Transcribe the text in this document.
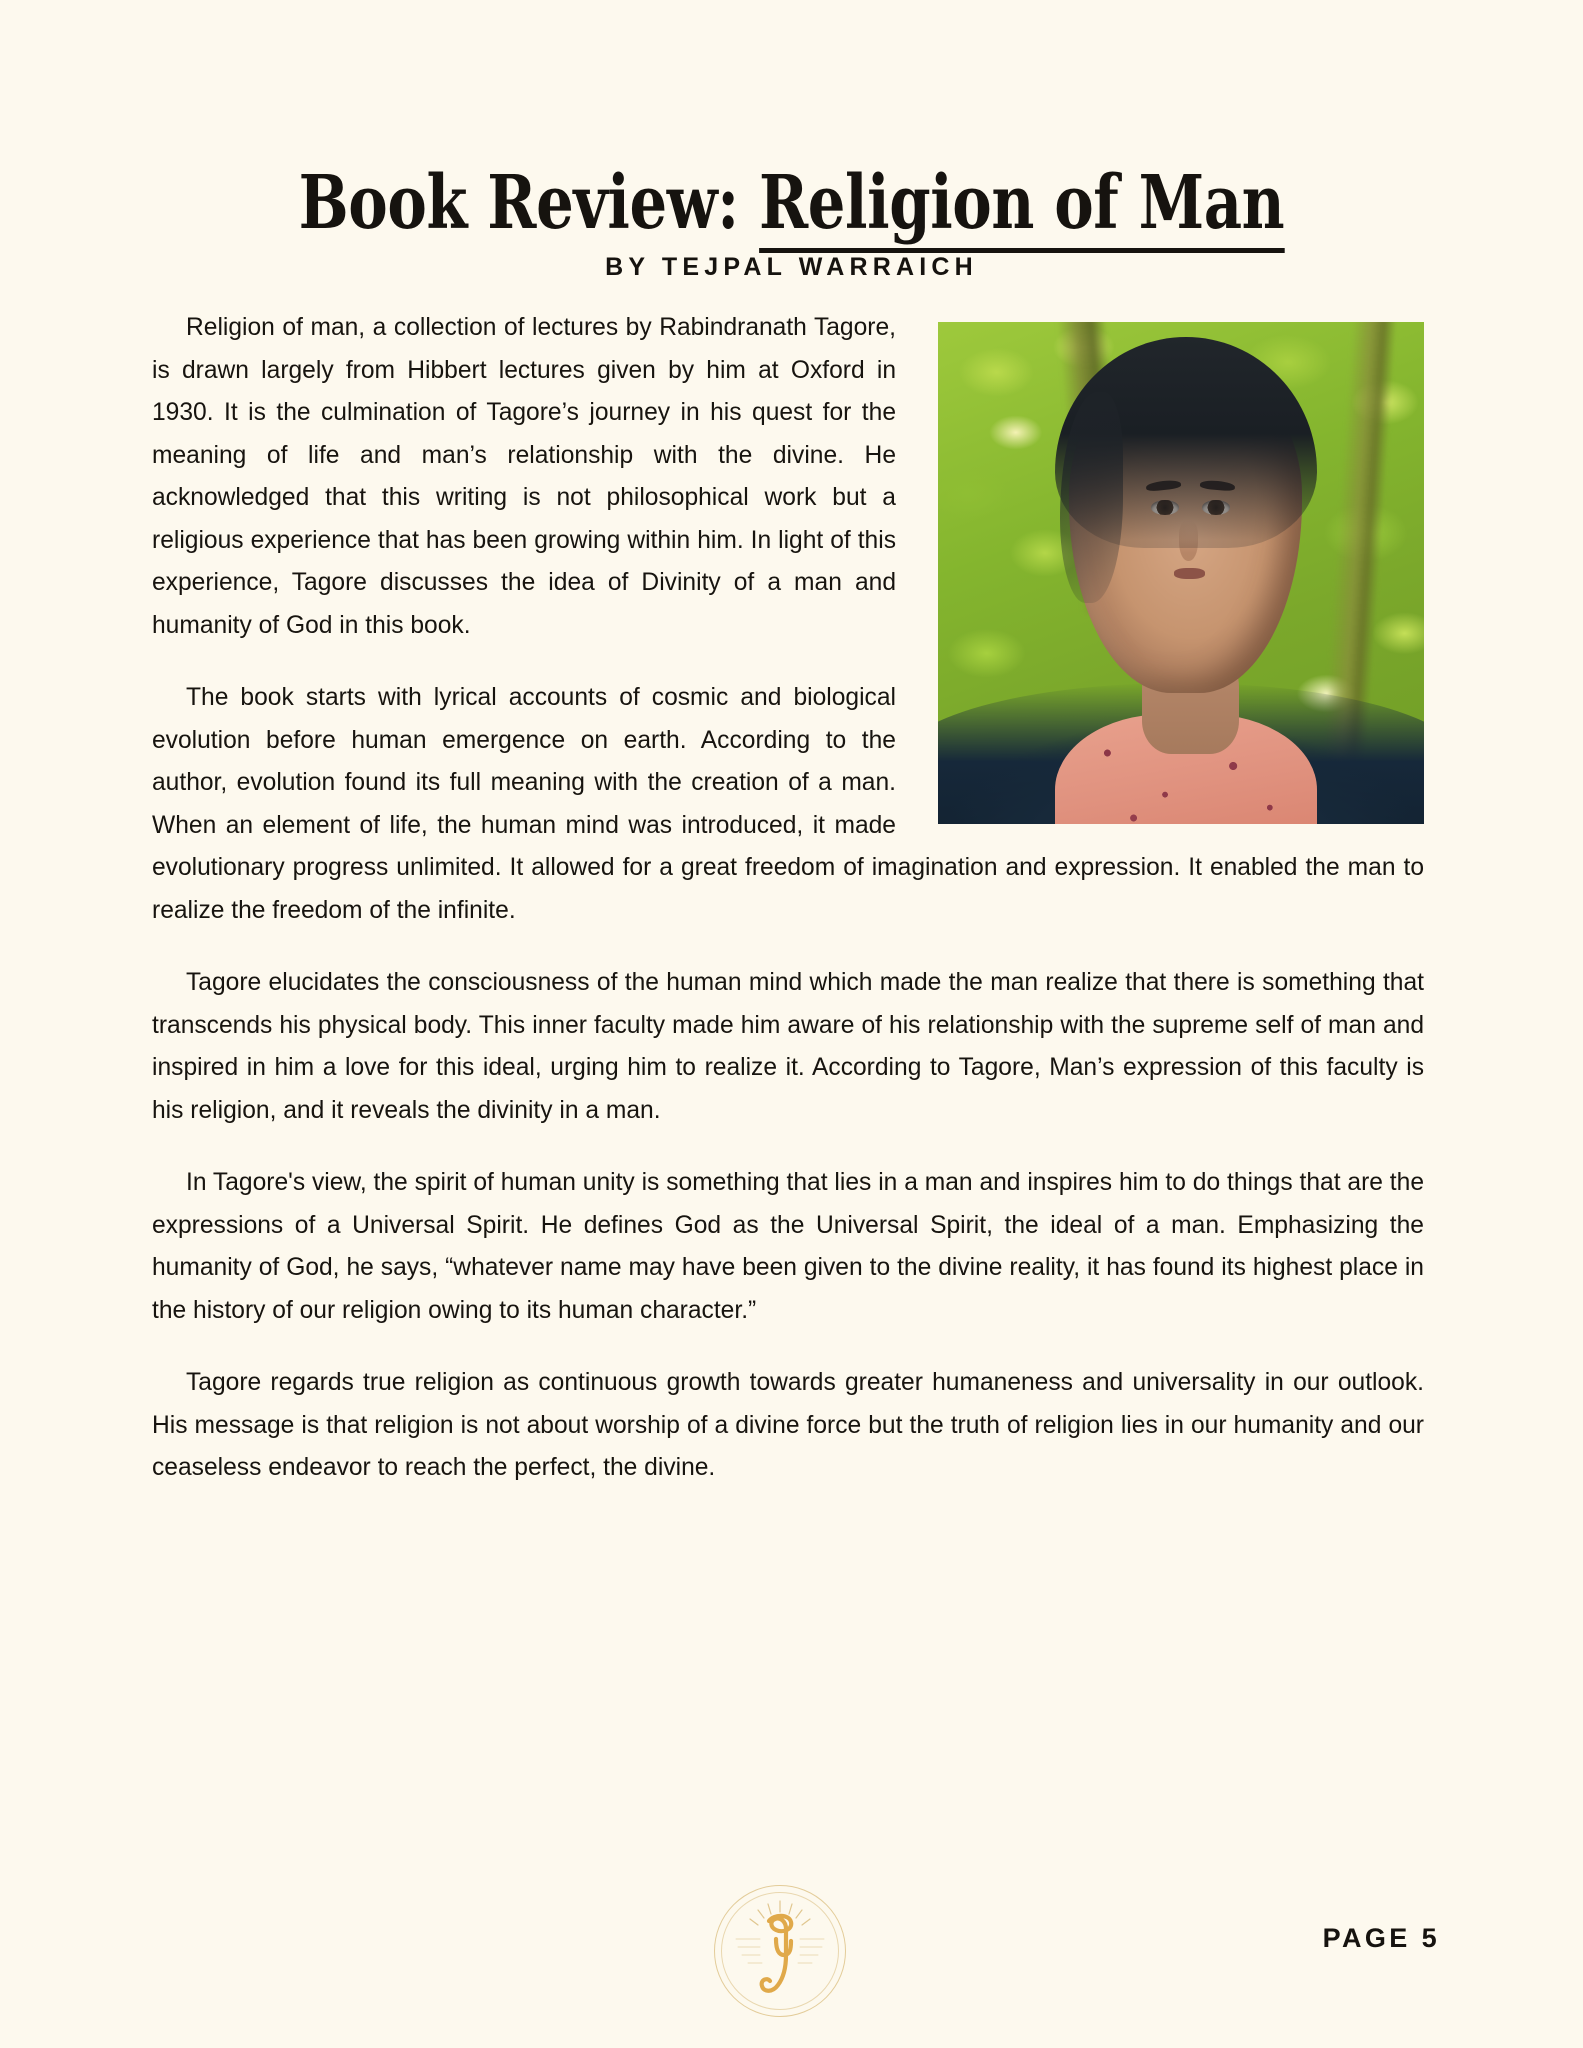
Book Review: Religion of Man
BY TEJPAL WARRAICH

Religion of man, a collection of lectures by Rabindranath Tagore, is drawn largely from Hibbert lectures given by him at Oxford in 1930. It is the culmination of Tagore’s journey in his quest for the meaning of life and man’s relationship with the divine. He acknowledged that this writing is not philosophical work but a religious experience that has been growing within him. In light of this experience, Tagore discusses the idea of Divinity of a man and humanity of God in this book.

The book starts with lyrical accounts of cosmic and biological evolution before human emergence on earth. According to the author, evolution found its full meaning with the creation of a man. When an element of life, the human mind was introduced, it made evolutionary progress unlimited. It allowed for a great freedom of imagination and expression. It enabled the man to realize the freedom of the infinite.

Tagore elucidates the consciousness of the human mind which made the man realize that there is something that transcends his physical body. This inner faculty made him aware of his relationship with the supreme self of man and inspired in him a love for this ideal, urging him to realize it. According to Tagore, Man’s expression of this faculty is his religion, and it reveals the divinity in a man.

In Tagore's view, the spirit of human unity is something that lies in a man and inspires him to do things that are the expressions of a Universal Spirit. He defines God as the Universal Spirit, the ideal of a man. Emphasizing the humanity of God, he says, “whatever name may have been given to the divine reality, it has found its highest place in the history of our religion owing to its human character.”

Tagore regards true religion as continuous growth towards greater humaneness and universality in our outlook. His message is that religion is not about worship of a divine force but the truth of religion lies in our humanity and our ceaseless endeavor to reach the perfect, the divine.

PAGE 5
